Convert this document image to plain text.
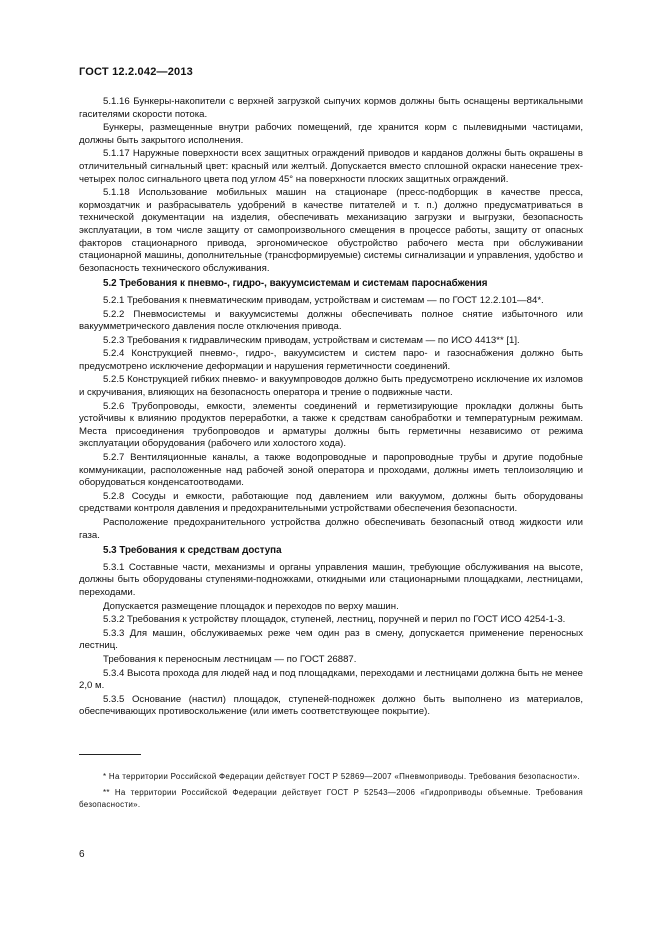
ГОСТ 12.2.042—2013
5.1.16 Бункеры-накопители с верхней загрузкой сыпучих кормов должны быть оснащены вертикальными гасителями скорости потока.
Бункеры, размещенные внутри рабочих помещений, где хранится корм с пылевидными частицами, должны быть закрытого исполнения.
5.1.17 Наружные поверхности всех защитных ограждений приводов и карданов должны быть окрашены в отличительный сигнальный цвет: красный или желтый. Допускается вместо сплошной окраски нанесение трех-четырех полос сигнального цвета под углом 45° на поверхности плоских защитных ограждений.
5.1.18 Использование мобильных машин на стационаре (пресс-подборщик в качестве пресса, кормоздатчик и разбрасыватель удобрений в качестве питателей и т. п.) должно предусматриваться в технической документации на изделия, обеспечивать механизацию загрузки и выгрузки, безопасность эксплуатации, в том числе защиту от самопроизвольного смещения в процессе работы, защиту от опасных факторов стационарного привода, эргономическое обустройство рабочего места при обслуживании стационарной машины, дополнительные (трансформируемые) системы сигнализации и управления, удобство и безопасность технического обслуживания.
5.2 Требования к пневмо-, гидро-, вакуумсистемам и системам пароснабжения
5.2.1 Требования к пневматическим приводам, устройствам и системам — по ГОСТ 12.2.101—84*.
5.2.2 Пневмосистемы и вакуумсистемы должны обеспечивать полное снятие избыточного или вакуумметрического давления после отключения привода.
5.2.3 Требования к гидравлическим приводам, устройствам и системам — по ИСО 4413** [1].
5.2.4 Конструкцией пневмо-, гидро-, вакуумсистем и систем паро- и газоснабжения должно быть предусмотрено исключение деформации и нарушения герметичности соединений.
5.2.5 Конструкцией гибких пневмо- и вакуумпроводов должно быть предусмотрено исключение их изломов и скручивания, влияющих на безопасность оператора и трение о подвижные части.
5.2.6 Трубопроводы, емкости, элементы соединений и герметизирующие прокладки должны быть устойчивы к влиянию продуктов переработки, а также к средствам санобработки и температурным режимам. Места присоединения трубопроводов и арматуры должны быть герметичны независимо от режима эксплуатации оборудования (рабочего или холостого хода).
5.2.7 Вентиляционные каналы, а также водопроводные и паропроводные трубы и другие подобные коммуникации, расположенные над рабочей зоной оператора и проходами, должны иметь теплоизоляцию и оборудоваться конденсатоотводами.
5.2.8 Сосуды и емкости, работающие под давлением или вакуумом, должны быть оборудованы средствами контроля давления и предохранительными устройствами обеспечения безопасности.
Расположение предохранительного устройства должно обеспечивать безопасный отвод жидкости или газа.
5.3 Требования к средствам доступа
5.3.1 Составные части, механизмы и органы управления машин, требующие обслуживания на высоте, должны быть оборудованы ступенями-подножками, откидными или стационарными площадками, лестницами, переходами.
Допускается размещение площадок и переходов по верху машин.
5.3.2 Требования к устройству площадок, ступеней, лестниц, поручней и перил по ГОСТ ИСО 4254-1-3.
5.3.3 Для машин, обслуживаемых реже чем один раз в смену, допускается применение переносных лестниц.
Требования к переносным лестницам — по ГОСТ 26887.
5.3.4 Высота прохода для людей над и под площадками, переходами и лестницами должна быть не менее 2,0 м.
5.3.5 Основание (настил) площадок, ступеней-подножек должно быть выполнено из материалов, обеспечивающих противоскольжение (или иметь соответствующее покрытие).
* На территории Российской Федерации действует ГОСТ Р 52869—2007 «Пневмоприводы. Требования безопасности».
** На территории Российской Федерации действует ГОСТ Р 52543—2006 «Гидроприводы объемные. Требования безопасности».
6
